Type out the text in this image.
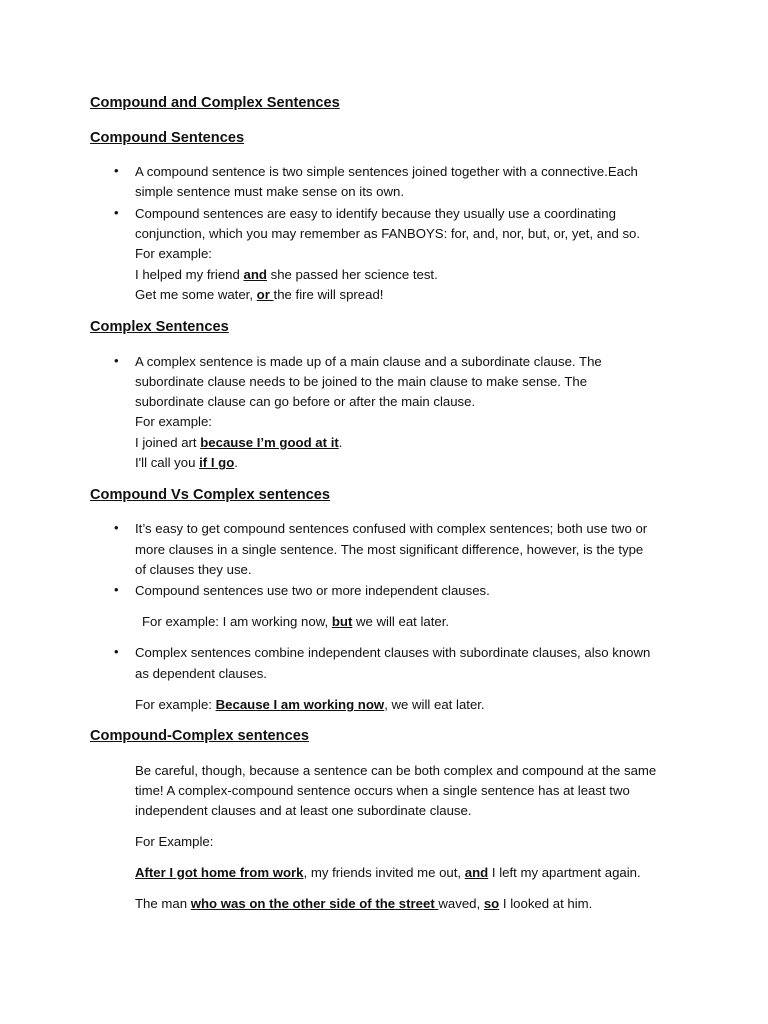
Compound and Complex Sentences
Compound Sentences
• A compound sentence is two simple sentences joined together with a connective.Each
simple sentence must make sense on its own.
• Compound sentences are easy to identify because they usually use a coordinating
conjunction, which you may remember as FANBOYS: for, and, nor, but, or, yet, and so.
For example:
I helped my friend and she passed her science test.
Get me some water, or the fire will spread!
Complex Sentences
• A complex sentence is made up of a main clause and a subordinate clause. The
subordinate clause needs to be joined to the main clause to make sense. The
subordinate clause can go before or after the main clause.
For example:
I joined art because I’m good at it.
I'll call you if I go.
Compound Vs Complex sentences
• It’s easy to get compound sentences confused with complex sentences; both use two or
more clauses in a single sentence. The most significant difference, however, is the type
of clauses they use.
• Compound sentences use two or more independent clauses.
For example: I am working now, but we will eat later.
• Complex sentences combine independent clauses with subordinate clauses, also known
as dependent clauses.
For example: Because I am working now, we will eat later.
Compound-Complex sentences
Be careful, though, because a sentence can be both complex and compound at the same
time! A complex-compound sentence occurs when a single sentence has at least two
independent clauses and at least one subordinate clause.
For Example:
After I got home from work, my friends invited me out, and I left my apartment again.
The man who was on the other side of the street waved, so I looked at him.
